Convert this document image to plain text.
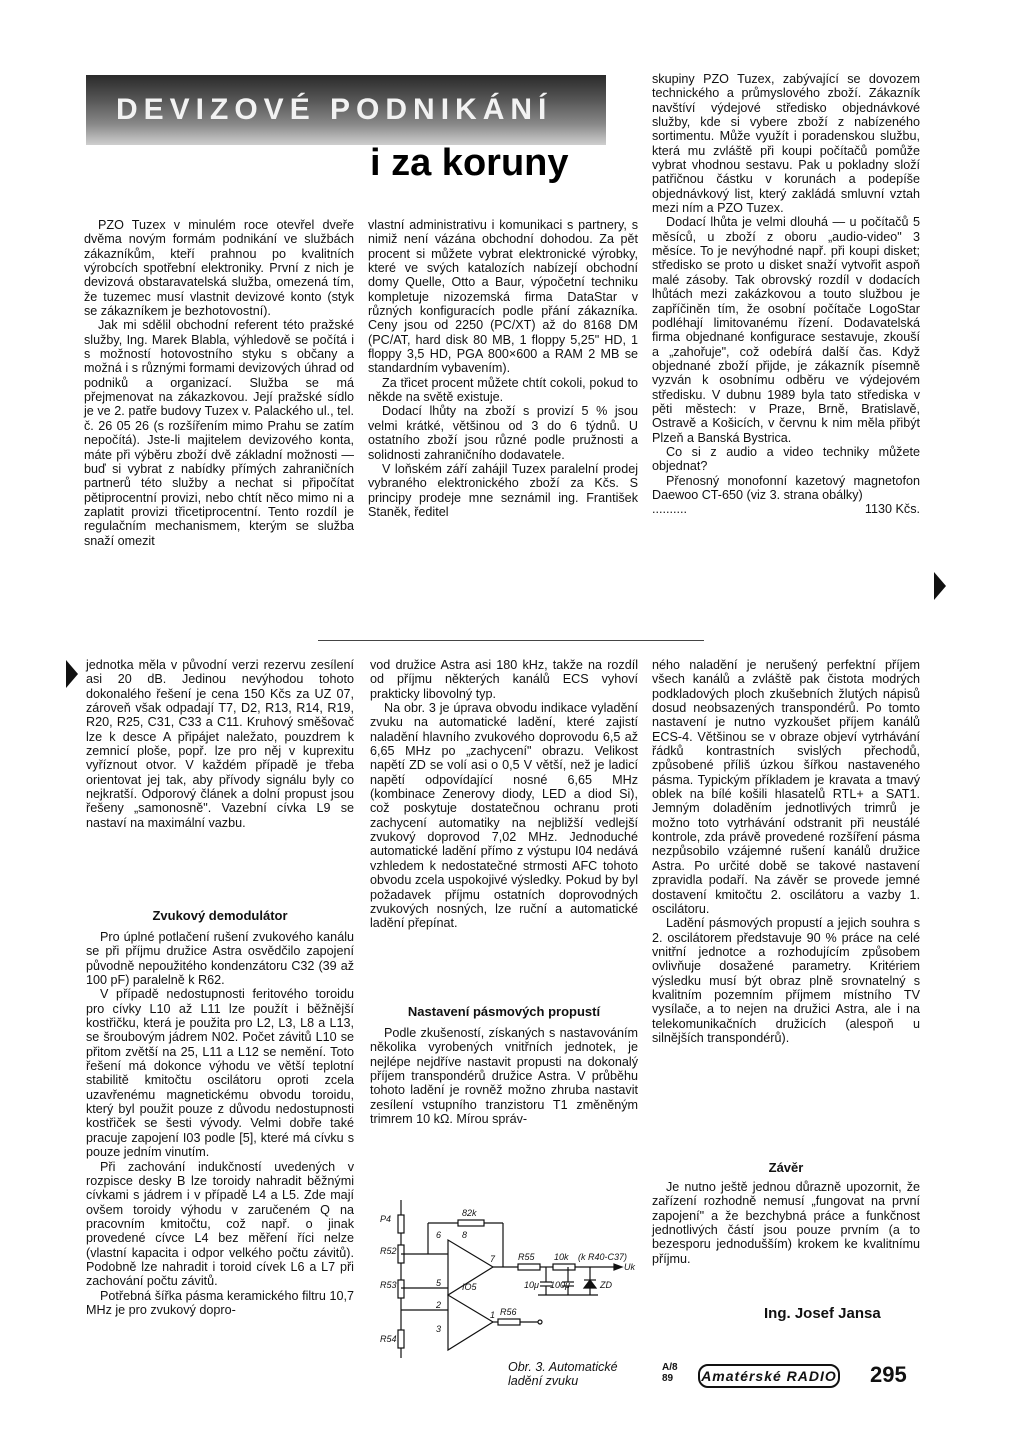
DEVIZOVÉ PODNIKÁNÍ
i za koruny

PZO Tuzex v minulém roce otevřel dveře dvěma novým formám podnikání ve službách zákazníkům, kteří prahnou po kvalitních výrobcích spotřební elektroniky. První z nich je devizová obstaravatelská služba, omezená tím, že tuzemec musí vlastnit devizové konto (styk se zákazníkem je bezhotovostní).

Jak mi sdělil obchodní referent této pražské služby, Ing. Marek Blabla, výhledově se počítá i s možností hotovostního styku s občany a možná i s různými formami devizových úhrad od podniků a organizací. Služba se má přejmenovat na zákazkovou. Její pražské sídlo je ve 2. patře budovy Tuzex v. Palackého ul., tel. č. 26 05 26 (s rozšířením mimo Prahu se zatím nepočítá). Jste-li majitelem devizového konta, máte při výběru zboží dvě základní možnosti — buď si vybrat z nabídky přímých zahraničních partnerů této služby a nechat si připočítat pětiprocentní provizi, nebo chtít něco mimo ni a zaplatit provizi třicetiprocentní. Tento rozdíl je regulačním mechanismem, kterým se služba snaží omezit

vlastní administrativu i komunikaci s partnery, s nimiž není vázána obchodní dohodou. Za pět procent si můžete vybrat elektronické výrobky, které ve svých katalozích nabízejí obchodní domy Quelle, Otto a Baur, výpočetní techniku kompletuje nizozemská firma DataStar v různých konfiguracích podle přání zákazníka. Ceny jsou od 2250 (PC/XT) až do 8168 DM (PC/AT, hard disk 80 MB, 1 floppy 5,25" HD, 1 floppy 3,5 HD, PGA 800×600 a RAM 2 MB se standardním vybavením).

Za třicet procent můžete chtít cokoli, pokud to někde na světě existuje.

Dodací lhůty na zboží s provizí 5 % jsou velmi krátké, většinou od 3 do 6 týdnů. U ostatního zboží jsou různé podle pružnosti a solidnosti zahraničního dodavatele.

V loňském září zahájil Tuzex paralelní prodej vybraného elektronického zboží za Kčs. S principy prodeje mne seznámil ing. František Staněk, ředitel

skupiny PZO Tuzex, zabývající se dovozem technického a průmyslového zboží. Zákazník navštíví výdejové středisko objednávkové služby, kde si vybere zboží z nabízeného sortimentu. Může využít i poradenskou službu, která mu zvláště při koupi počítačů pomůže vybrat vhodnou sestavu. Pak u pokladny složí patřičnou částku v korunách a podepíše objednávkový list, který zakládá smluvní vztah mezi ním a PZO Tuzex.

Dodací lhůta je velmi dlouhá — u počítačů 5 měsíců, u zboží z oboru „audio-video" 3 měsíce. To je nevýhodné např. při koupi disket; středisko se proto u disket snaží vytvořit aspoň malé zásoby. Tak obrovský rozdíl v dodacích lhůtách mezi zakázkovou a touto službou je zapříčiněn tím, že osobní počítače LogoStar podléhají limitovanému řízení. Dodavatelská firma objednané konfigurace sestavuje, zkouší a „zahořuje", což odebírá další čas. Když objednané zboží přijde, je zákazník písemně vyzván k osobnímu odběru ve výdejovém středisku. V dubnu 1989 byla tato střediska v pěti městech: v Praze, Brně, Bratislavě, Ostravě a Košicích, v červnu k nim měla přibýt Plzeň a Banská Bystrica.

Co si z audio a video techniky můžete objednat?

Přenosný monofonní kazetový magnetofon Daewoo CT-650 (viz 3. strana obálky)

..........	1130 Kčs.

jednotka měla v původní verzi rezervu zesílení asi 20 dB. Jedinou nevýhodou tohoto dokonalého řešení je cena 150 Kčs za UZ 07, zároveň však odpadají T7, D2, R13, R14, R19, R20, R25, C31, C33 a C11. Kruhový směšovač lze k desce A připájet naležato, pouzdrem k zemnicí ploše, popř. lze pro něj v kuprexitu vyříznout otvor. V každém případě je třeba orientovat jej tak, aby přívody signálu byly co nejkratší. Odporový článek a dolní propust jsou řešeny „samonosně". Vazební cívka L9 se nastaví na maximální vazbu.

Zvukový demodulátor

Pro úplné potlačení rušení zvukového kanálu se při příjmu družice Astra osvědčilo zapojení původně nepoužitého kondenzátoru C32 (39 až 100 pF) paralelně k R62.

V případě nedostupnosti feritového toroidu pro cívky L10 až L11 lze použít i běžnější kostřičku, která je použita pro L2, L3, L8 a L13, se šroubovým jádrem N02. Počet závitů L10 se přitom zvětší na 25, L11 a L12 se nemění. Toto řešení má dokonce výhodu ve větší teplotní stabilitě kmitočtu oscilátoru oproti zcela uzavřenému magnetickému obvodu toroidu, který byl použit pouze z důvodu nedostupnosti kostřiček se šesti vývody. Velmi dobře také pracuje zapojení I03 podle [5], které má cívku s pouze jedním vinutím.

Při zachování indukčností uvedených v rozpisce desky B lze toroidy nahradit běžnými cívkami s jádrem i v případě L4 a L5. Zde mají ovšem toroidy výhodu v zaručeném Q na pracovním kmitočtu, což např. o jinak provedené cívce L4 bez měření říci nelze (vlastní kapacita i odpor velkého počtu závitů). Podobně lze nahradit i toroid cívek L6 a L7 při zachování počtu závitů.

Potřebná šířka pásma keramického filtru 10,7 MHz je pro zvukový dopro-

vod družice Astra asi 180 kHz, takže na rozdíl od příjmu některých kanálů ECS vyhoví prakticky libovolný typ.

Na obr. 3 je úprava obvodu indikace vyladění zvuku na automatické ladění, které zajistí naladění hlavního zvukového doprovodu 6,5 až 6,65 MHz po „zachycení" obrazu. Velikost napětí ZD se volí asi o 0,5 V větší, než je ladicí napětí odpovídající nosné 6,65 MHz (kombinace Zenerovy diody, LED a diod Si), což poskytuje dostatečnou ochranu proti zachycení automatiky na nejbližší vedlejší zvukový doprovod 7,02 MHz. Jednoduché automatické ladění přímo z výstupu I04 nedává vzhledem k nedostatečné strmosti AFC tohoto obvodu zcela uspokojivé výsledky. Pokud by byl požadavek příjmu ostatních doprovodných zvukových nosných, lze ruční a automatické ladění přepínat.

Nastavení pásmových propustí

Podle zkušeností, získaných s nastavováním několika vyrobených vnitřních jednotek, je nejlépe nejdříve nastavit propusti na dokonalý příjem transpondérů družice Astra. V průběhu tohoto ladění je rovněž možno zhruba nastavit zesílení vstupního tranzistoru T1 změněným trimrem 10 kΩ. Mírou správ-

P4
R52
R53
R54
82k
R55 10k (k R40-C37)
IO5	10μ 100μ	ZD
Uk
R56
6 8
5
7
2
1
3
Obr. 3. Automatické ladění zvuku

ného naladění je nerušený perfektní příjem všech kanálů a zvláště pak čistota modrých podkladových ploch zkušebních žlutých nápisů dosud neobsazených transpondérů. Po tomto nastavení je nutno vyzkoušet příjem kanálů ECS-4. Většinou se v obraze objeví vytrhávání řádků kontrastních svislých přechodů, způsobené příliš úzkou šířkou nastaveného pásma. Typickým příkladem je kravata a tmavý oblek na bílé košili hlasatelů RTL+ a SAT1. Jemným doladěním jednotlivých trimrů je možno toto vytrhávání odstranit při neustálé kontrole, zda právě provedené rozšíření pásma nezpůsobilo vzájemné rušení kanálů družice Astra. Po určité době se takové nastavení zpravidla podaří. Na závěr se provede jemné dostavení kmitočtu 2. oscilátoru a vazby 1. oscilátoru.

Ladění pásmových propustí a jejich souhra s 2. oscilátorem představuje 90 % práce na celé vnitřní jednotce a rozhodujícím způsobem ovlivňuje dosažené parametry. Kritériem výsledku musí být obraz plně srovnatelný s kvalitním pozemním příjmem místního TV vysílače, a to nejen na družici Astra, ale i na telekomunikačních družicích (alespoň u silnějších transpondérů).

Závěr

Je nutno ještě jednou důrazně upozornit, že zařízení rozhodně nemusí „fungovat na první zapojení" a že bezchybná práce a funkčnost jednotlivých částí jsou pouze prvním (a to bezesporu jednodušším) krokem ke kvalitnímu příjmu.

Ing. Josef Jansa
A/8
89	Amatérské RADIO 295
